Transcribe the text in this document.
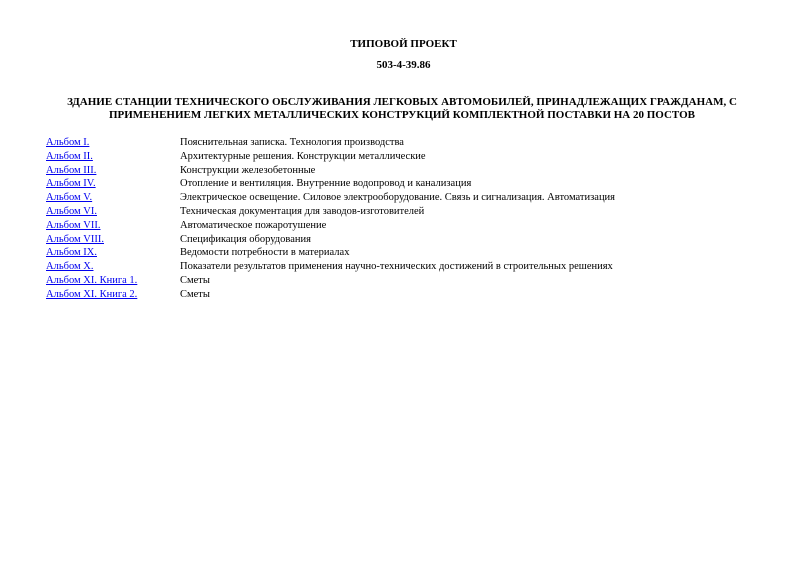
ТИПОВОЙ ПРОЕКТ
503-4-39.86
ЗДАНИЕ СТАНЦИИ ТЕХНИЧЕСКОГО ОБСЛУЖИВАНИЯ ЛЕГКОВЫХ АВТОМОБИЛЕЙ, ПРИНАДЛЕЖАЩИХ ГРАЖДАНАМ, С ПРИМЕНЕНИЕМ ЛЕГКИХ МЕТАЛЛИЧЕСКИХ КОНСТРУКЦИЙ КОМПЛЕКТНОЙ ПОСТАВКИ НА 20 ПОСТОВ
Альбом I.	Пояснительная записка. Технология производства
Альбом II.	Архитектурные решения. Конструкции металлические
Альбом III.	Конструкции железобетонные
Альбом IV.	Отопление и вентиляция. Внутренние водопровод и канализация
Альбом V.	Электрическое освещение. Силовое электрооборудование. Связь и сигнализация. Автоматизация
Альбом VI.	Техническая документация для заводов-изготовителей
Альбом VII.	Автоматическое пожаротушение
Альбом VIII.	Спецификация оборудования
Альбом IX.	Ведомости потребности в материалах
Альбом X.	Показатели результатов применения научно-технических достижений в строительных решениях
Альбом XI. Книга 1.	Сметы
Альбом XI. Книга 2.	Сметы
